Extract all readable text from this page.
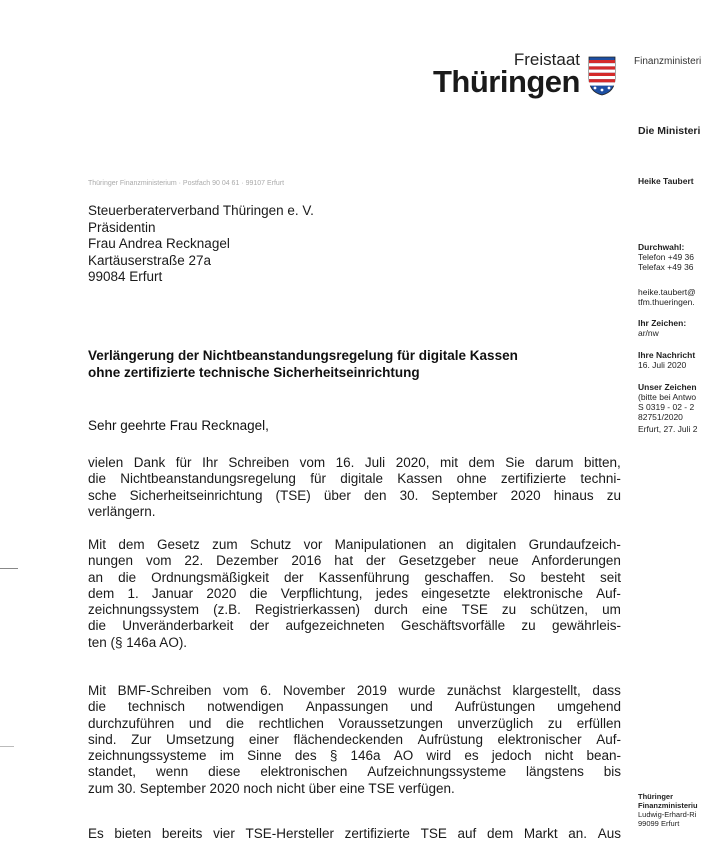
Freistaat
Thüringen
Finanzministeri
Thüringer Finanzministerium · Postfach 90 04 61 · 99107 Erfurt
Steuerberaterverband Thüringen e. V.
Präsidentin
Frau Andrea Recknagel
Kartäuserstraße 27a
99084 Erfurt
Die Ministeri
Heike Taubert
Durchwahl:
Telefon +49 36
Telefax +49 36
heike.taubert@
tfm.thueringen.
Ihr Zeichen:
ar/nw
Ihre Nachricht
16. Juli 2020
Unser Zeichen
(bitte bei Antwo
S 0319 - 02 - 2
82751/2020
Erfurt, 27. Juli 2
Verlängerung der Nichtbeanstandungsregelung für digitale Kassen
ohne zertifizierte technische Sicherheitseinrichtung
Sehr geehrte Frau Recknagel,
vielen Dank für Ihr Schreiben vom 16. Juli 2020, mit dem Sie darum bitten,
die Nichtbeanstandungsregelung für digitale Kassen ohne zertifizierte techni-
sche Sicherheitseinrichtung (TSE) über den 30. September 2020 hinaus zu
verlängern.
Mit dem Gesetz zum Schutz vor Manipulationen an digitalen Grundaufzeich-
nungen vom 22. Dezember 2016 hat der Gesetzgeber neue Anforderungen
an die Ordnungsmäßigkeit der Kassenführung geschaffen. So besteht seit
dem 1. Januar 2020 die Verpflichtung, jedes eingesetzte elektronische Auf-
zeichnungssystem (z.B. Registrierkassen) durch eine TSE zu schützen, um
die Unveränderbarkeit der aufgezeichneten Geschäftsvorfälle zu gewährleis-
ten (§ 146a AO).
Mit BMF-Schreiben vom 6. November 2019 wurde zunächst klargestellt, dass
die technisch notwendigen Anpassungen und Aufrüstungen umgehend
durchzuführen und die rechtlichen Voraussetzungen unverzüglich zu erfüllen
sind. Zur Umsetzung einer flächendeckenden Aufrüstung elektronischer Auf-
zeichnungssysteme im Sinne des § 146a AO wird es jedoch nicht bean-
standet, wenn diese elektronischen Aufzeichnungssysteme längstens bis
zum 30. September 2020 noch nicht über eine TSE verfügen.
Es bieten bereits vier TSE-Hersteller zertifizierte TSE auf dem Markt an. Aus
Thüringer
Finanzministeriu
Ludwig-Erhard-Ri
99099 Erfurt
